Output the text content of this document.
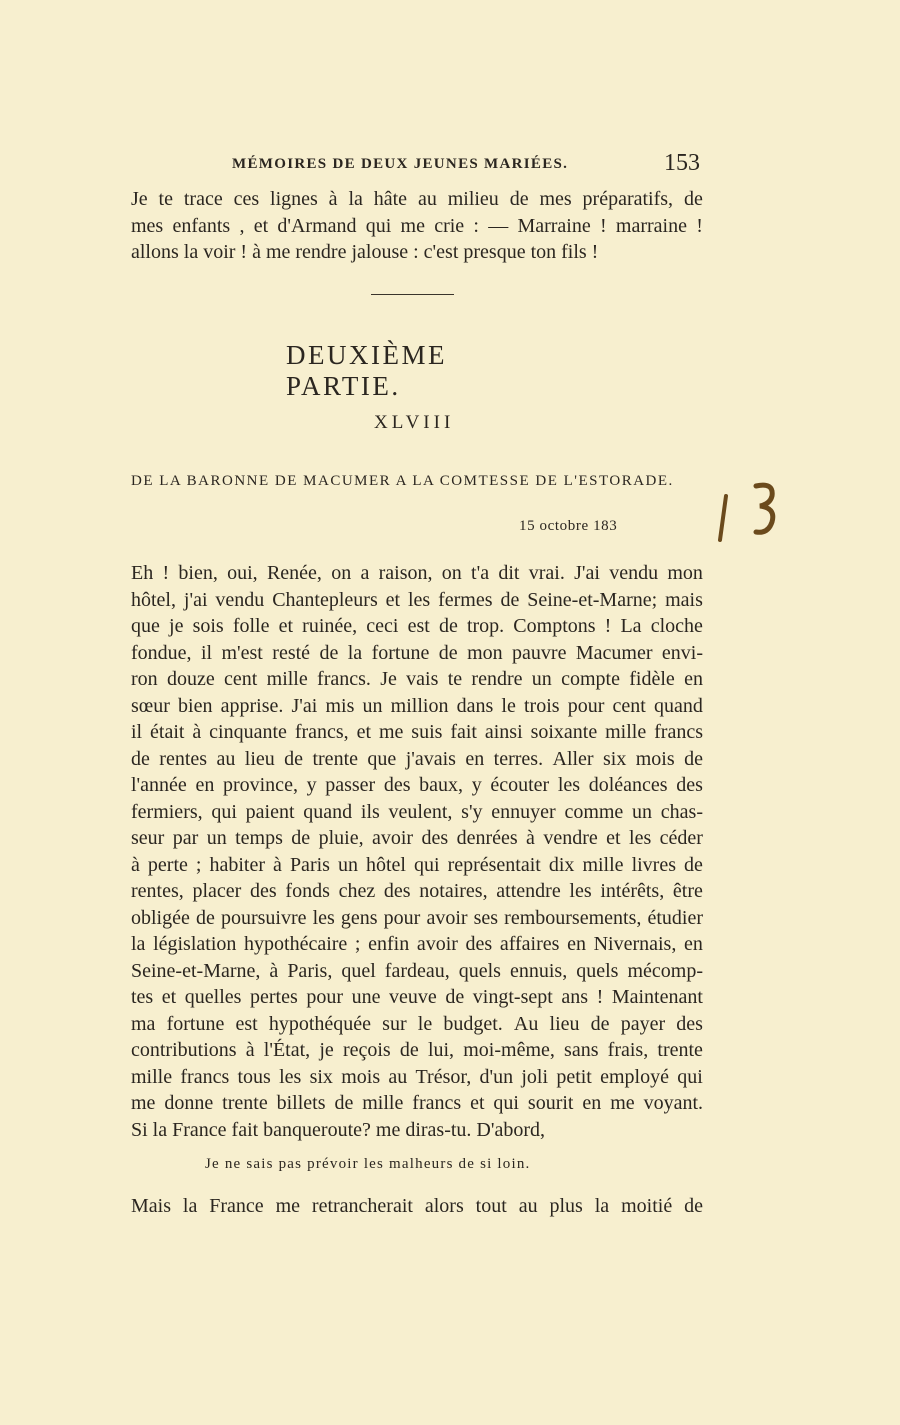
MÉMOIRES DE DEUX JEUNES MARIÉES.	153
Je te trace ces lignes à la hâte au milieu de mes préparatifs, de
mes enfants , et d'Armand qui me crie : — Marraine ! marraine !
allons la voir ! à me rendre jalouse : c'est presque ton fils !
DEUXIÈME PARTIE.
XLVIII
DE LA BARONNE DE MACUMER A LA COMTESSE DE L'ESTORADE.
15 octobre 183
Eh ! bien, oui, Renée, on a raison, on t'a dit vrai. J'ai vendu mon
hôtel, j'ai vendu Chantepleurs et les fermes de Seine-et-Marne; mais
que je sois folle et ruinée, ceci est de trop. Comptons ! La cloche
fondue, il m'est resté de la fortune de mon pauvre Macumer envi-
ron douze cent mille francs. Je vais te rendre un compte fidèle en
sœur bien apprise. J'ai mis un million dans le trois pour cent quand
il était à cinquante francs, et me suis fait ainsi soixante mille francs
de rentes au lieu de trente que j'avais en terres. Aller six mois de
l'année en province, y passer des baux, y écouter les doléances des
fermiers, qui paient quand ils veulent, s'y ennuyer comme un chas-
seur par un temps de pluie, avoir des denrées à vendre et les céder
à perte ; habiter à Paris un hôtel qui représentait dix mille livres de
rentes, placer des fonds chez des notaires, attendre les intérêts, être
obligée de poursuivre les gens pour avoir ses remboursements, étudier
la législation hypothécaire ; enfin avoir des affaires en Nivernais, en
Seine-et-Marne, à Paris, quel fardeau, quels ennuis, quels mécomp-
tes et quelles pertes pour une veuve de vingt-sept ans ! Maintenant
ma fortune est hypothéquée sur le budget. Au lieu de payer des
contributions à l'État, je reçois de lui, moi-même, sans frais, trente
mille francs tous les six mois au Trésor, d'un joli petit employé qui
me donne trente billets de mille francs et qui sourit en me voyant.
Si la France fait banqueroute? me diras-tu. D'abord,
Je ne sais pas prévoir les malheurs de si loin.
Mais la France me retrancherait alors tout au plus la moitié de
